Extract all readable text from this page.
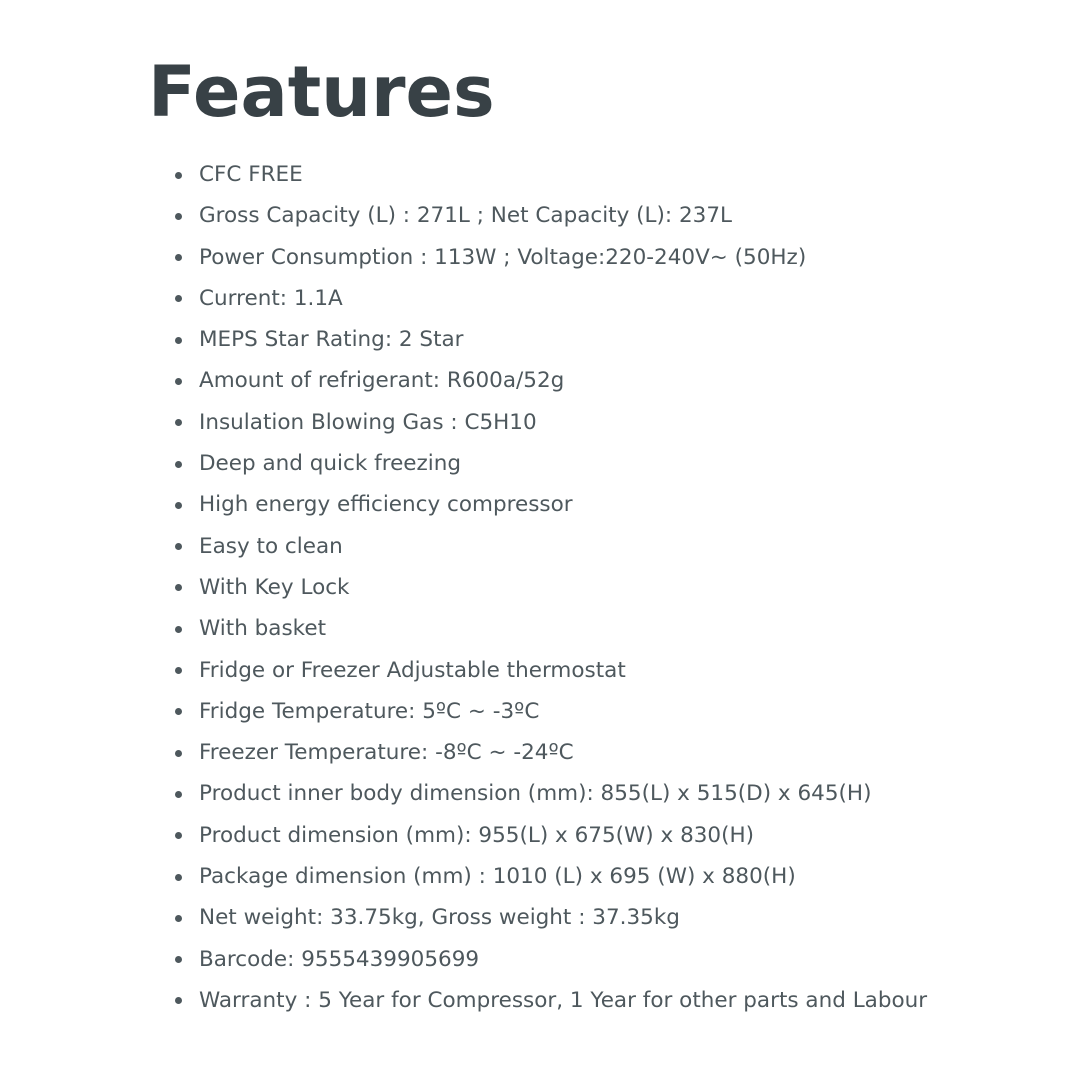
Features
CFC FREE
Gross Capacity (L) : 271L ; Net Capacity (L): 237L
Power Consumption : 113W ; Voltage:220-240V~ (50Hz)
Current: 1.1A
MEPS Star Rating: 2 Star
Amount of refrigerant: R600a/52g
Insulation Blowing Gas : C5H10
Deep and quick freezing
High energy efficiency compressor
Easy to clean
With Key Lock
With basket
Fridge or Freezer Adjustable thermostat
Fridge Temperature: 5ºC ~ -3ºC
Freezer Temperature: -8ºC ~ -24ºC
Product inner body dimension (mm): 855(L) x 515(D) x 645(H)
Product dimension (mm): 955(L) x 675(W) x 830(H)
Package dimension (mm) : 1010 (L) x 695 (W) x 880(H)
Net weight: 33.75kg, Gross weight : 37.35kg
Barcode: 9555439905699
Warranty : 5 Year for Compressor, 1 Year for other parts and Labour
